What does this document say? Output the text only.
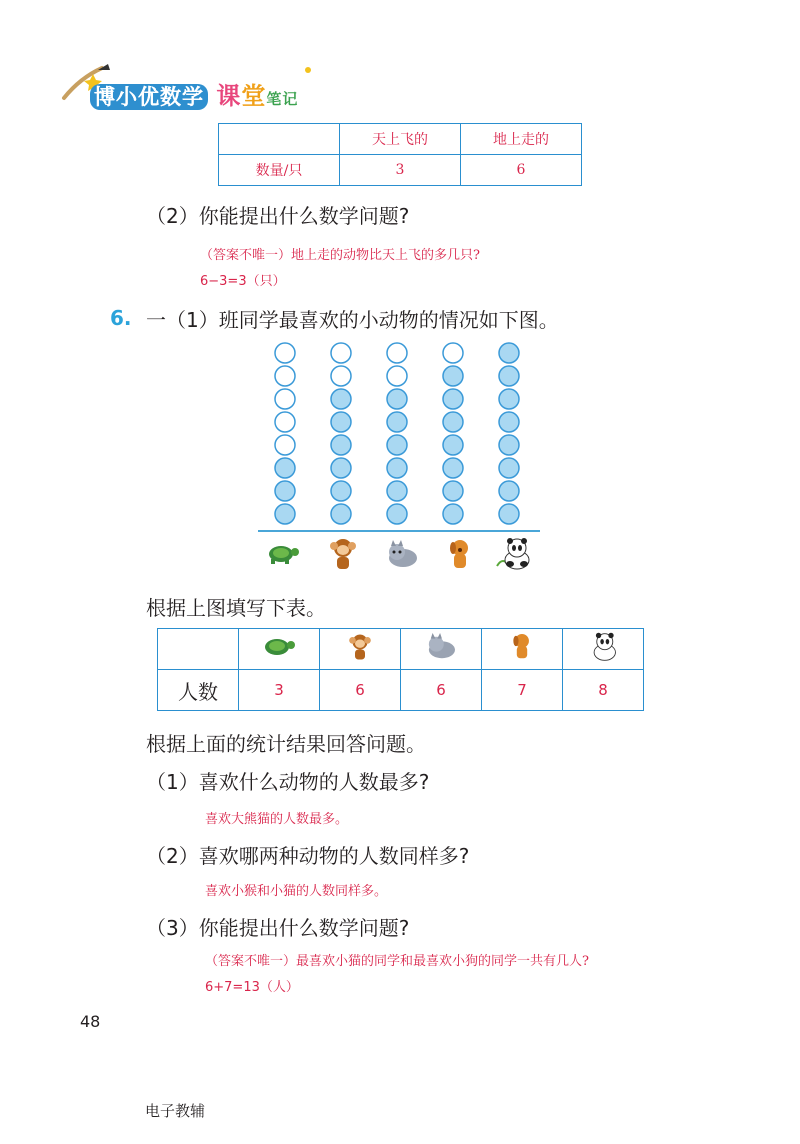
博小优数学 课堂笔记
	天上飞的	地上走的
数量/只	3	6
（2）你能提出什么数学问题?
（答案不唯一）地上走的动物比天上飞的多几只?
6−3=3（只）
6. 一（1）班同学最喜欢的小动物的情况如下图。
根据上图填写下表。

人数	3	6	6	7	8
根据上面的统计结果回答问题。
（1）喜欢什么动物的人数最多?
喜欢大熊猫的人数最多。
（2）喜欢哪两种动物的人数同样多?
喜欢小猴和小猫的人数同样多。
（3）你能提出什么数学问题?
（答案不唯一）最喜欢小猫的同学和最喜欢小狗的同学一共有几人?
6+7=13（人）
48
电子教辅
